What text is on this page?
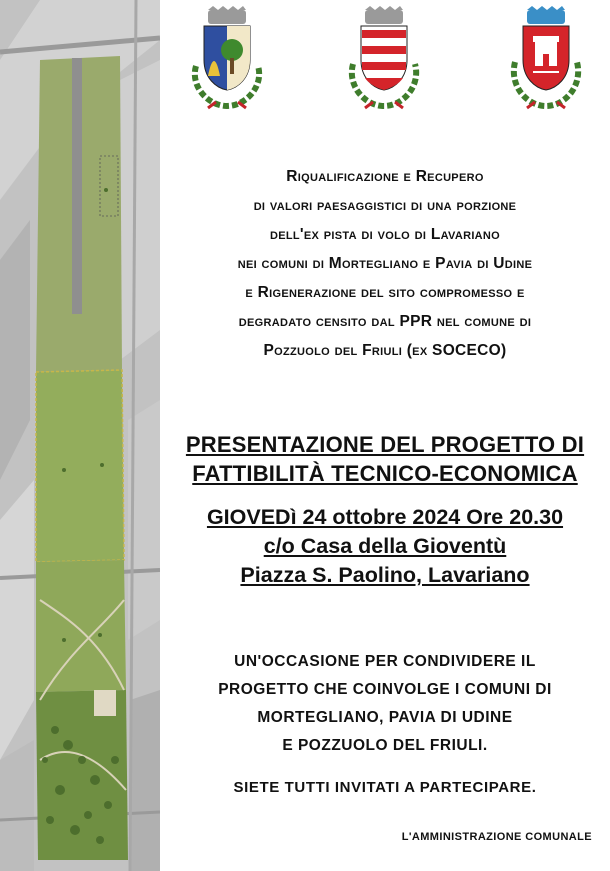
Riqualificazione e Recupero
di valori paesaggistici di una porzione
dell'ex pista di volo di Lavariano
nei comuni di Mortegliano e Pavia di Udine
e Rigenerazione del sito compromesso e
degradato censito dal PPR nel comune di
Pozzuolo del Friuli (ex SOCECO)
PRESENTAZIONE DEL PROGETTO DI
FATTIBILITÀ TECNICO-ECONOMICA
GIOVEDì 24 ottobre 2024 Ore 20.30
c/o Casa della Gioventù
Piazza S. Paolino, Lavariano
UN'OCCASIONE PER CONDIVIDERE IL
PROGETTO CHE COINVOLGE I COMUNI DI
MORTEGLIANO, PAVIA DI UDINE
E POZZUOLO DEL FRIULI.
SIETE TUTTI INVITATI A PARTECIPARE.
L'AMMINISTRAZIONE COMUNALE
